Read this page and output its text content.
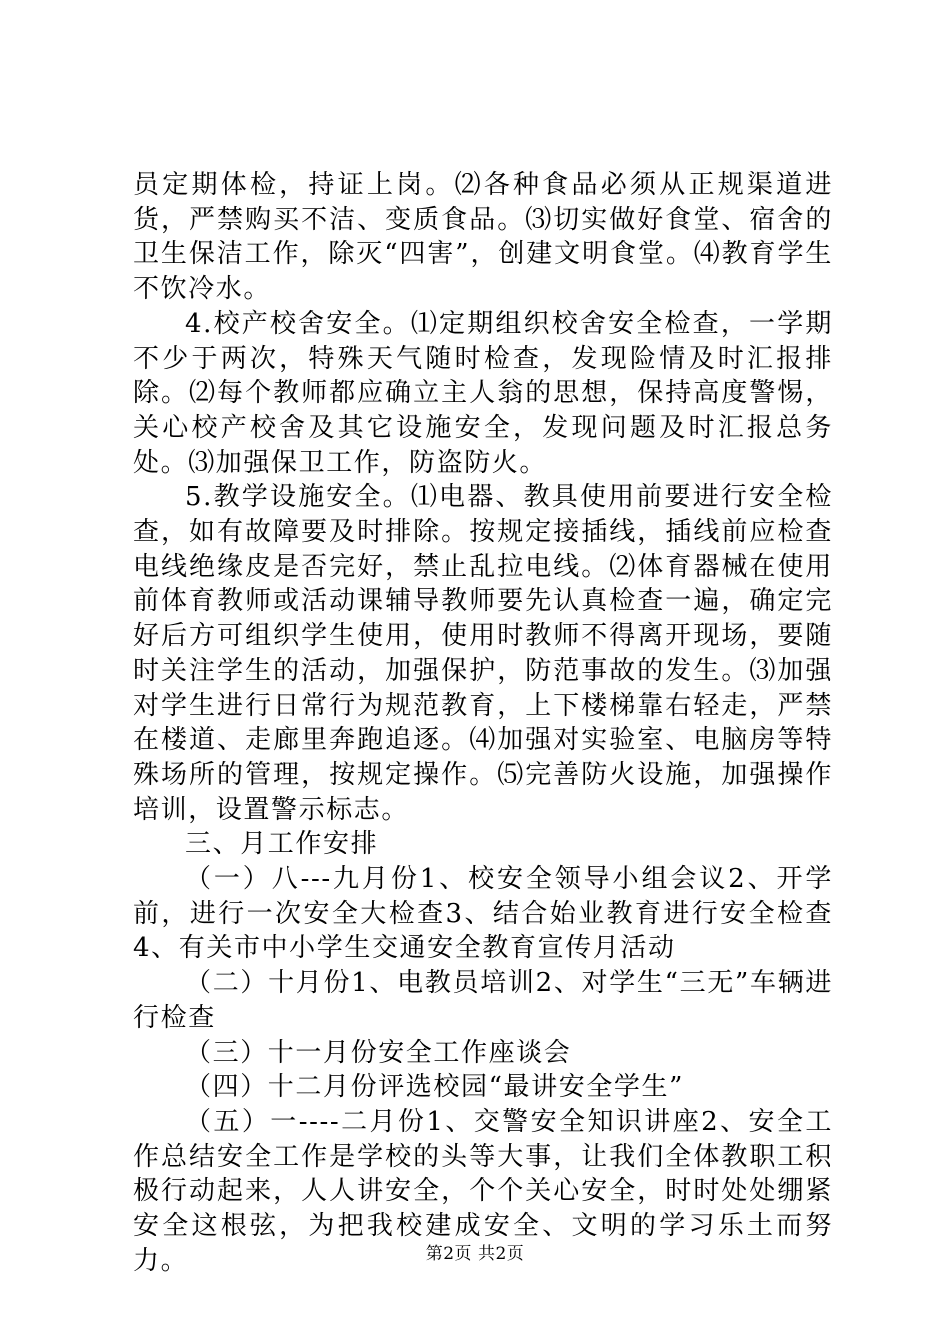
员定期体检，持证上岗。⑵各种食品必须从正规渠道进货，严禁购买不洁、变质食品。⑶切实做好食堂、宿舍的卫生保洁工作，除灭“四害”，创建文明食堂。⑷教育学生不饮冷水。

4.校产校舍安全。⑴定期组织校舍安全检查，一学期不少于两次，特殊天气随时检查，发现险情及时汇报排除。⑵每个教师都应确立主人翁的思想，保持高度警惕，关心校产校舍及其它设施安全，发现问题及时汇报总务处。⑶加强保卫工作，防盗防火。

5.教学设施安全。⑴电器、教具使用前要进行安全检查，如有故障要及时排除。按规定接插线，插线前应检查电线绝缘皮是否完好，禁止乱拉电线。⑵体育器械在使用前体育教师或活动课辅导教师要先认真检查一遍，确定完好后方可组织学生使用，使用时教师不得离开现场，要随时关注学生的活动，加强保护，防范事故的发生。⑶加强对学生进行日常行为规范教育，上下楼梯靠右轻走，严禁在楼道、走廊里奔跑追逐。⑷加强对实验室、电脑房等特殊场所的管理，按规定操作。⑸完善防火设施，加强操作培训，设置警示标志。

三、月工作安排

（一）八---九月份1、校安全领导小组会议2、开学前，进行一次安全大检查3、结合始业教育进行安全检查4、有关市中小学生交通安全教育宣传月活动

（二）十月份1、电教员培训2、对学生“三无”车辆进行检查

（三）十一月份安全工作座谈会

（四）十二月份评选校园“最讲安全学生”

（五）一----二月份1、交警安全知识讲座2、安全工作总结安全工作是学校的头等大事，让我们全体教职工积极行动起来，人人讲安全，个个关心安全，时时处处绷紧安全这根弦，为把我校建成安全、文明的学习乐土而努力。	第2页 共2页
